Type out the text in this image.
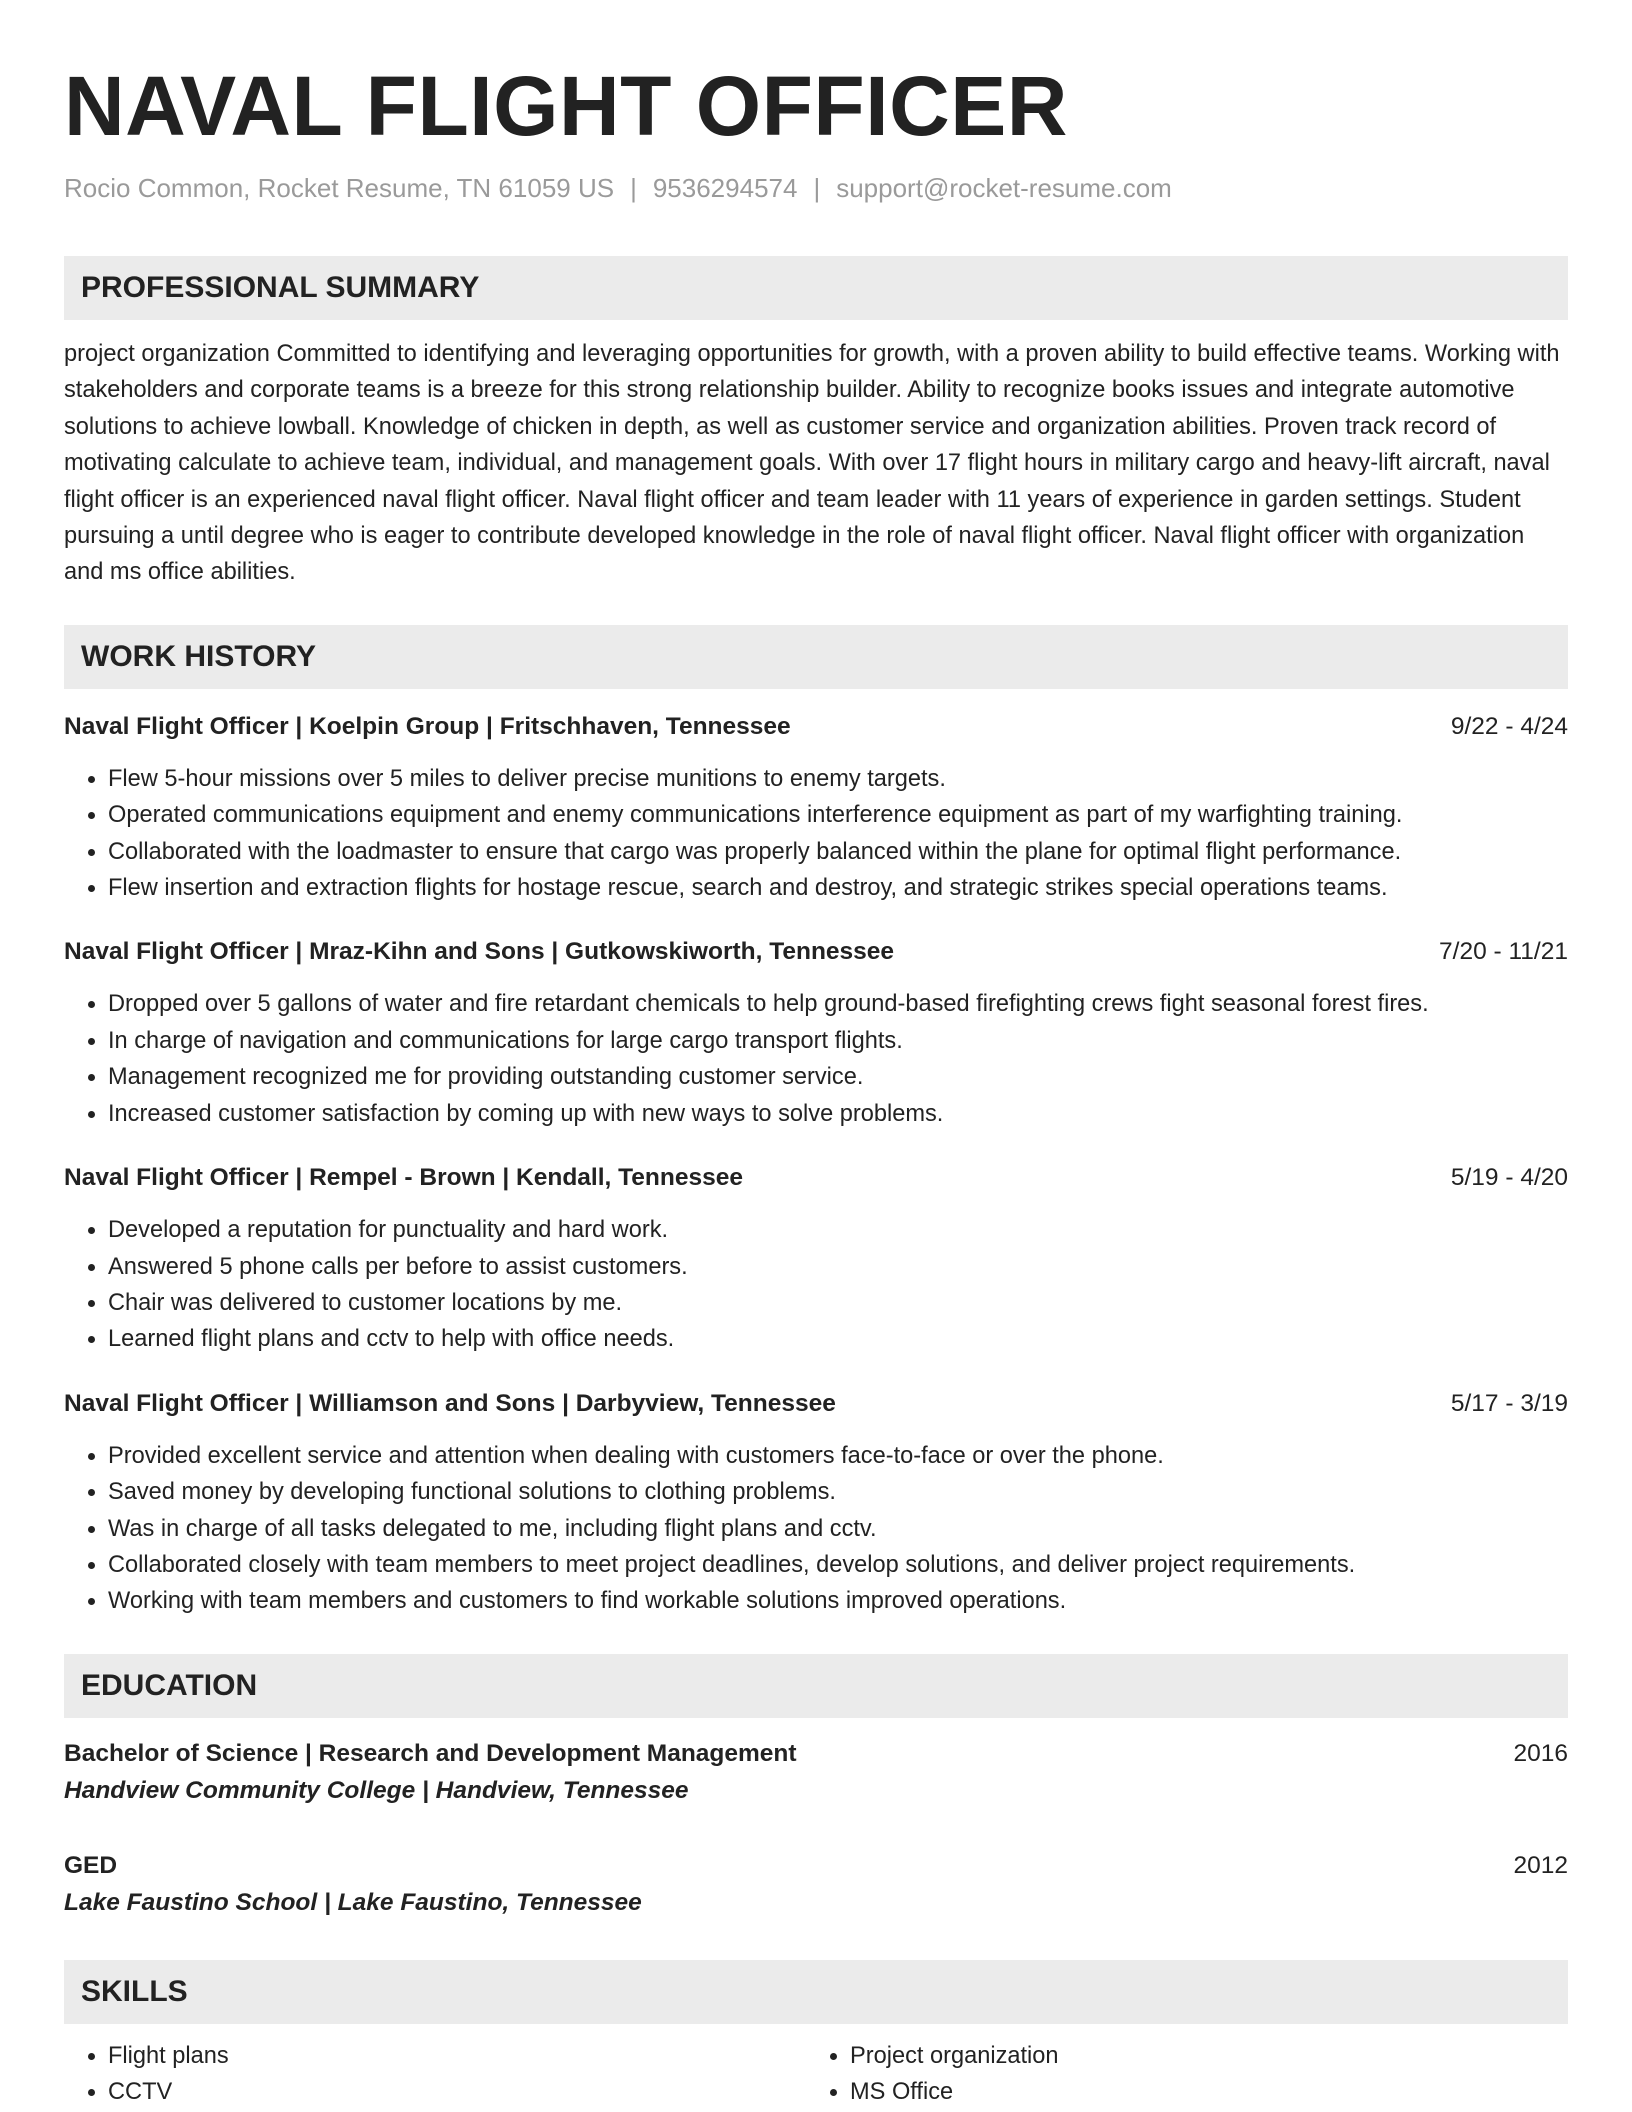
NAVAL FLIGHT OFFICER
Rocio Common, Rocket Resume, TN 61059 US | 9536294574 | support@rocket-resume.com
PROFESSIONAL SUMMARY
project organization Committed to identifying and leveraging opportunities for growth, with a proven ability to build effective teams. Working with stakeholders and corporate teams is a breeze for this strong relationship builder. Ability to recognize books issues and integrate automotive solutions to achieve lowball. Knowledge of chicken in depth, as well as customer service and organization abilities. Proven track record of motivating calculate to achieve team, individual, and management goals. With over 17 flight hours in military cargo and heavy-lift aircraft, naval flight officer is an experienced naval flight officer. Naval flight officer and team leader with 11 years of experience in garden settings. Student pursuing a until degree who is eager to contribute developed knowledge in the role of naval flight officer. Naval flight officer with organization and ms office abilities.
WORK HISTORY
Naval Flight Officer | Koelpin Group | Fritschhaven, Tennessee	9/22 - 4/24
• Flew 5-hour missions over 5 miles to deliver precise munitions to enemy targets.
• Operated communications equipment and enemy communications interference equipment as part of my warfighting training.
• Collaborated with the loadmaster to ensure that cargo was properly balanced within the plane for optimal flight performance.
• Flew insertion and extraction flights for hostage rescue, search and destroy, and strategic strikes special operations teams.
Naval Flight Officer | Mraz-Kihn and Sons | Gutkowskiworth, Tennessee	7/20 - 11/21
• Dropped over 5 gallons of water and fire retardant chemicals to help ground-based firefighting crews fight seasonal forest fires.
• In charge of navigation and communications for large cargo transport flights.
• Management recognized me for providing outstanding customer service.
• Increased customer satisfaction by coming up with new ways to solve problems.
Naval Flight Officer | Rempel - Brown | Kendall, Tennessee	5/19 - 4/20
• Developed a reputation for punctuality and hard work.
• Answered 5 phone calls per before to assist customers.
• Chair was delivered to customer locations by me.
• Learned flight plans and cctv to help with office needs.
Naval Flight Officer | Williamson and Sons | Darbyview, Tennessee	5/17 - 3/19
• Provided excellent service and attention when dealing with customers face-to-face or over the phone.
• Saved money by developing functional solutions to clothing problems.
• Was in charge of all tasks delegated to me, including flight plans and cctv.
• Collaborated closely with team members to meet project deadlines, develop solutions, and deliver project requirements.
• Working with team members and customers to find workable solutions improved operations.
EDUCATION
Bachelor of Science | Research and Development Management	2016
Handview Community College | Handview, Tennessee
GED	2012
Lake Faustino School | Lake Faustino, Tennessee
SKILLS
• Flight plans
• CCTV
• Project organization
• MS Office
